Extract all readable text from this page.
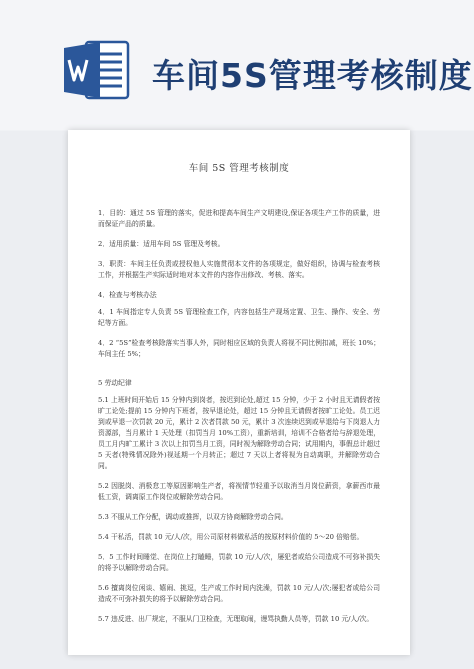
车间5S管理考核制度
车间 5S 管理考核制度

1．目的：通过 5S 管理的落实，促进和提高车间生产文明建设,保证各项生产工作的质量，进而保证产品的质量。

2．适用质量：适用车间 5S 管理及考核。

3．职责：车间主任负责或授权他人实施贯彻本文件的各项规定，做好组织，协调与检查考核工作，并根据生产实际适时地对本文件的内容作出修改、考核、落实。

4．检查与考核办法

4．1 车间指定专人负责 5S 管理检查工作，内容包括生产现场定置、卫生、操作、安全、劳纪等方面。

4．2 “5S”检查考核除落实当事人外，同时相应区域的负责人将视不同比例扣减，班长 10%；车间主任 5%；

5 劳动纪律

5.1 上班时间开始后 15 分钟内到岗者，按迟到论处,超过 15 分钟，少于 2 小时且无请假者按旷工论处;提前 15 分钟内下班者，按早退论处，超过 15 分钟且无请假者按旷工论处。员工迟到或早退一次罚款 20 元，累计 2 次者罚款 50 元，累计 3 次连续迟到或早退给与下岗退人力资源部，当月累计 1 天处理（扣罚当月 10%工资），重新培训，培训不合格者给与辞退处理，员工月内旷工累计 3 次以上扣罚当月工资，同时视为解除劳动合同；试用期内，事假总计超过 5 天者(特殊情况除外)视延期一个月转正；超过 7 天以上者将视为自动离职，并解除劳动合同。

5.2 因脱岗、消极怠工等原因影响生产者，将视情节轻重予以取消当月岗位薪资，拿薪西市最低工资，调离原工作岗位或解除劳动合同。

5.3 不服从工作分配，调动或推挥，以双方协商解除劳动合同。

5.4 干私活，罚款 10 元/人/次，用公司原材料做私活的按原材料价值的 5～20 倍赔偿。

5．5 工作时间睡觉、在岗位上打瞌睡，罚款 10 元/人/次，屡犯者或给公司造成不可弥补损失的将予以解除劳动合同。

5.6 擅离岗位闲谈、嬉闹、挑逗，生产或工作时间内洗澡，罚款 10 元/人/次;屡犯者或给公司造成不可弥补损失的将予以解除劳动合同。

5.7 违反进、出厂规定，不服从门卫检查，无理取闹，谩骂执勤人员等，罚款 10 元/人/次。
